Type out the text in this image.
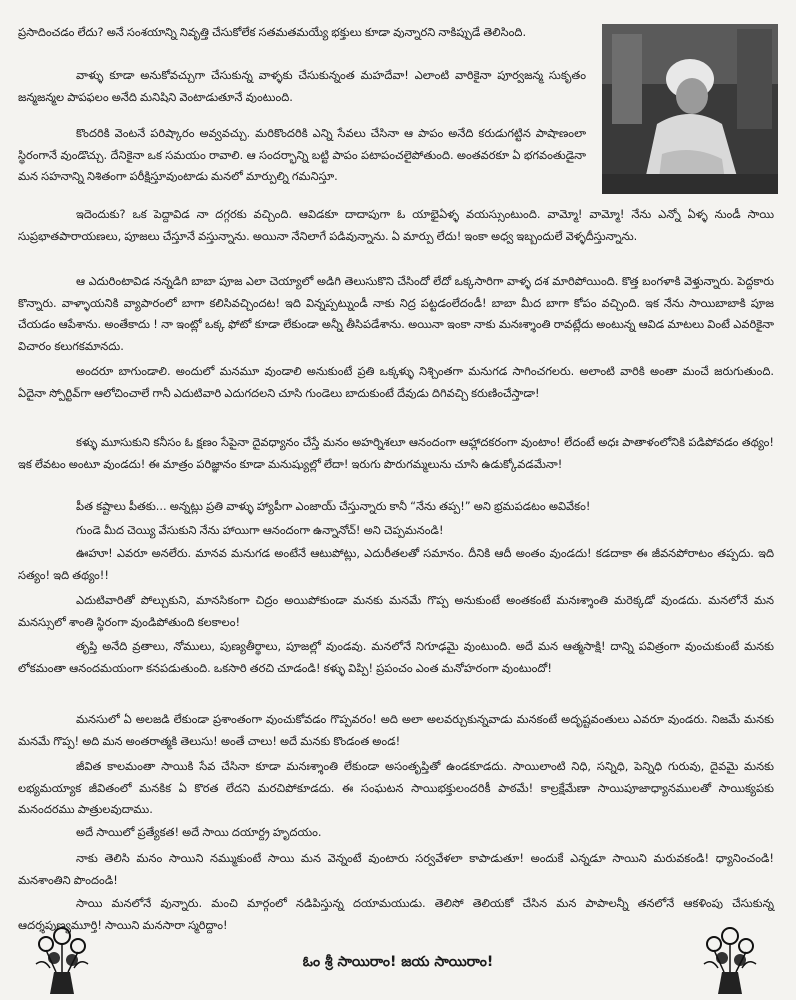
ప్రసాదించడం లేదు? అనే సంశయాన్ని నివృత్తి చేసుకోలేక సతమతమయ్యే భక్తులు కూడా వున్నారని నాకిప్పుడే తెలిసింది.

వాళ్ళు కూడా అనుకోవచ్చుగా చేసుకున్న వాళ్ళకు చేసుకున్నంత మహదేవా! ఎలాంటి వారికైనా పూర్వజన్మ సుకృతం జన్మజన్మల పాపఫలం అనేది మనిషిని వెంటాడుతూనే వుంటుంది.

కొందరికి వెంటనే పరిష్కారం అవ్వవచ్చు. మరికొందరికి ఎన్ని సేవలు చేసినా ఆ పాపం అనేది కరుడుగట్టిన పాషాణంలా స్థిరంగానే వుండొచ్చు. దేనికైనా ఒక సమయం రావాలి. ఆ సందర్భాన్ని బట్టి పాపం పటాపంచలైపోతుంది. అంతవరకూ ఏ భగవంతుడైనా మన సహనాన్ని నిశితంగా పరీక్షిస్తూవుంటాడు మనలో మార్పుల్ని గమనిస్తూ.

ఇదెందుకు? ఒక పెద్దావిడ నా దగ్గరకు వచ్చింది. ఆవిడకూ దాదాపుగా ఓ యాభైఏళ్ళ వయస్సుంటుంది. వామ్మో! వామ్మో! నేను ఎన్నో ఏళ్ళ నుండీ సాయి సుప్రభాతపారాయణలు, పూజలు చేస్తూనే వస్తున్నాను. అయినా నేనిలాగే పడివున్నాను. ఏ మార్పు లేదు! ఇంకా అధ్వ ఇబ్బందులే వెళ్ళదీస్తున్నాను.

ఆ ఎదురింటావిడ నన్నడిగి బాబా పూజ ఎలా చెయ్యాలో అడిగి తెలుసుకొని చేసిందో లేదో ఒక్కసారిగా వాళ్ళ దశ మారిపోయింది. కొత్త బంగళాకి వెళ్తున్నారు. పెద్దకారు కొన్నారు. వాళ్ళాయనికి వ్యాపారంలో బాగా కలిసివచ్చిందట! ఇది విన్నప్పట్నుండీ నాకు నిద్ర పట్టడంలేదండీ! బాబా మీద బాగా కోపం వచ్చింది. ఇక నేను సాయిబాబాకి పూజ చేయడం ఆపేశాను. అంతేకాదు ! నా ఇంట్లో ఒక్క ఫోటో కూడా లేకుండా అన్నీ తీసిపడేశాను. అయినా ఇంకా నాకు మనఃశ్శాంతి రావట్లేదు అంటున్న ఆవిడ మాటలు వింటే ఎవరికైనా విచారం కలుగకమానదు.

అందరూ బాగుండాలి. అందులో మనమూ వుండాలి అనుకుంటే ప్రతి ఒక్కళ్ళు నిశ్చింతగా మనుగడ సాగించగలరు. అలాంటి వారికి అంతా మంచే జరుగుతుంది. ఏదైనా స్పోర్టివ్‌గా ఆలోచించాలే గానీ ఎదుటివారి ఎదుగదలని చూసి గుండెలు బాదుకుంటే దేవుడు దిగివచ్చి కరుణించేస్తాడా!

కళ్ళు మూసుకుని కనీసం ఓ క్షణం సేపైనా దైవధ్యానం చేస్తే మనం అహర్నిశలూ ఆనందంగా ఆహ్లాదకరంగా వుంటాం! లేదంటే అధః పాతాళంలోనికి పడిపోవడం తథ్యం! ఇక లేవటం అంటూ వుండదు! ఈ మాత్రం పరిజ్ఞానం కూడా మనుష్యుల్లో లేదా! ఇరుగు పొరుగమ్మలును చూసి ఉడుక్కోవడమేనా!

పీత కష్టాలు పీతకు... అన్నట్లు ప్రతి వాళ్ళు హ్యాపీగా ఎంజాయ్ చేస్తున్నారు కానీ “నేను తప్ప!” అని భ్రమపడటం అవివేకం!

గుండె మీద చెయ్యి వేసుకుని నేను హాయిగా ఆనందంగా ఉన్నానోచ్! అని చెప్పమనండి!

ఊహూ! ఎవరూ అనలేరు. మానవ మనుగడ అంటేనే ఆటుపోట్లు, ఎదురీతలతో సమానం. దీనికి ఆదీ అంతం వుండదు! కడదాకా ఈ జీవనపోరాటం తప్పదు. ఇది సత్యం! ఇది తథ్యం!!

ఎదుటివారితో పోల్చుకుని, మానసికంగా చిద్రం అయిపోకుండా మనకు మనమే గొప్ప అనుకుంటే అంతకంటే మనఃశ్శాంతి మరెక్కడో వుండదు. మనలోనే మన మనస్సులో శాంతి స్థిరంగా వుండిపోతుంది కలకాలం!

తృప్తి అనేది వ్రతాలు, నోములు, పుణ్యతీర్థాలు, పూజల్లో వుండవు. మనలోనే నిగూఢమై వుంటుంది. అదే మన ఆత్మసాక్షి! దాన్ని పవిత్రంగా వుంచుకుంటే మనకు లోకమంతా ఆనందమయంగా కనపడుతుంది. ఒకసారి తరచి చూడండి! కళ్ళు విప్పి! ప్రపంచం ఎంత మనోహరంగా వుంటుందో!

మనసులో ఏ అలజడి లేకుండా ప్రశాంతంగా వుంచుకోవడం గొప్పవరం! అది అలా అలవర్చుకున్నవాడు మనకంటే అదృష్టవంతులు ఎవరూ వుండరు. నిజమే మనకు మనమే గొప్ప! అది మన అంతరాత్మకి తెలుసు! అంతే చాలు! అదే మనకు కొండంత అండ!

జీవిత కాలమంతా సాయికి సేవ చేసినా కూడా మనఃశ్శాంతి లేకుండా అసంతృప్తితో ఉండకూడదు. సాయిలాంటి నిధి, సన్నిధి, పెన్నిధి గురువు, దైవమై మనకు లభ్యమయ్యాక జీవితంలో మనకిక ఏ కొరత లేదని మరచిపోకూడదు. ఈ సంఘటన సాయిభక్తులందరికీ పాఠమే! కాల్రక్షేమేణా సాయిపూజాధ్యానములతో సాయిక్యపకు మనందరము పాత్రులవుదాము.

అదే సాయిలో ప్రత్యేకత! అదే సాయి దయార్ద్ర హృదయం.

నాకు తెలిసి మనం సాయిని నమ్ముకుంటే సాయి మన వెన్నంటే వుంటారు సర్వవేళలా కాపాడుతూ! అందుకే ఎన్నడూ సాయిని మరువకండి! ధ్యానించండి! మనశాంతిని పొందండి!

సాయి మనలోనే వున్నారు. మంచి మార్గంలో నడిపిస్తున్న దయామయుడు. తెలిసో తెలియకో చేసిన మన పాపాలన్నీ తనలోనే ఆకళింపు చేసుకున్న ఆదర్శపుణ్యమూర్తి! సాయిని మనసారా స్మరిద్దాం!

ఓం శ్రీ సాయిరాం! జయ సాయిరాం!
